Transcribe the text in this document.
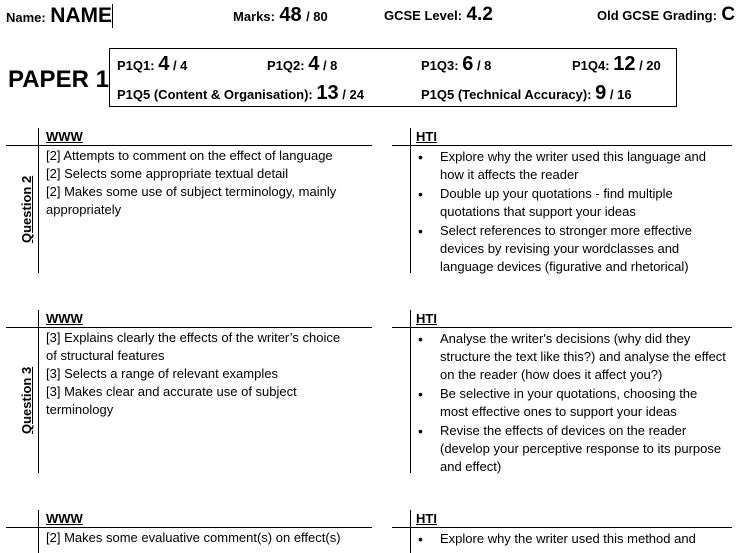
Name: NAME	Marks: 48 / 80	GCSE Level: 4.2	Old GCSE Grading: C
PAPER 1
P1Q1: 4 / 4	P1Q2: 4 / 8	P1Q3: 6 / 8	P1Q4: 12 / 20
P1Q5 (Content & Organisation): 13 / 24	P1Q5 (Technical Accuracy): 9 / 16
WWW	HTI
Question 2
[2] Attempts to comment on the effect of language
[2] Selects some appropriate textual detail
[2] Makes some use of subject terminology, mainly
appropriately
• Explore why the writer used this language and how it affects the reader
• Double up your quotations - find multiple quotations that support your ideas
• Select references to stronger more effective devices by revising your wordclasses and language devices (figurative and rhetorical)
WWW	HTI
Question 3
[3] Explains clearly the effects of the writer’s choice
of structural features
[3] Selects a range of relevant examples
[3] Makes clear and accurate use of subject
terminology
• Analyse the writer's decisions (why did they structure the text like this?) and analyse the effect on the reader (how does it affect you?)
• Be selective in your quotations, choosing the most effective ones to support your ideas
• Revise the effects of devices on the reader (develop your perceptive response to its purpose and effect)
WWW	HTI
[2] Makes some evaluative comment(s) on effect(s)
•	Explore why the writer used this method and
